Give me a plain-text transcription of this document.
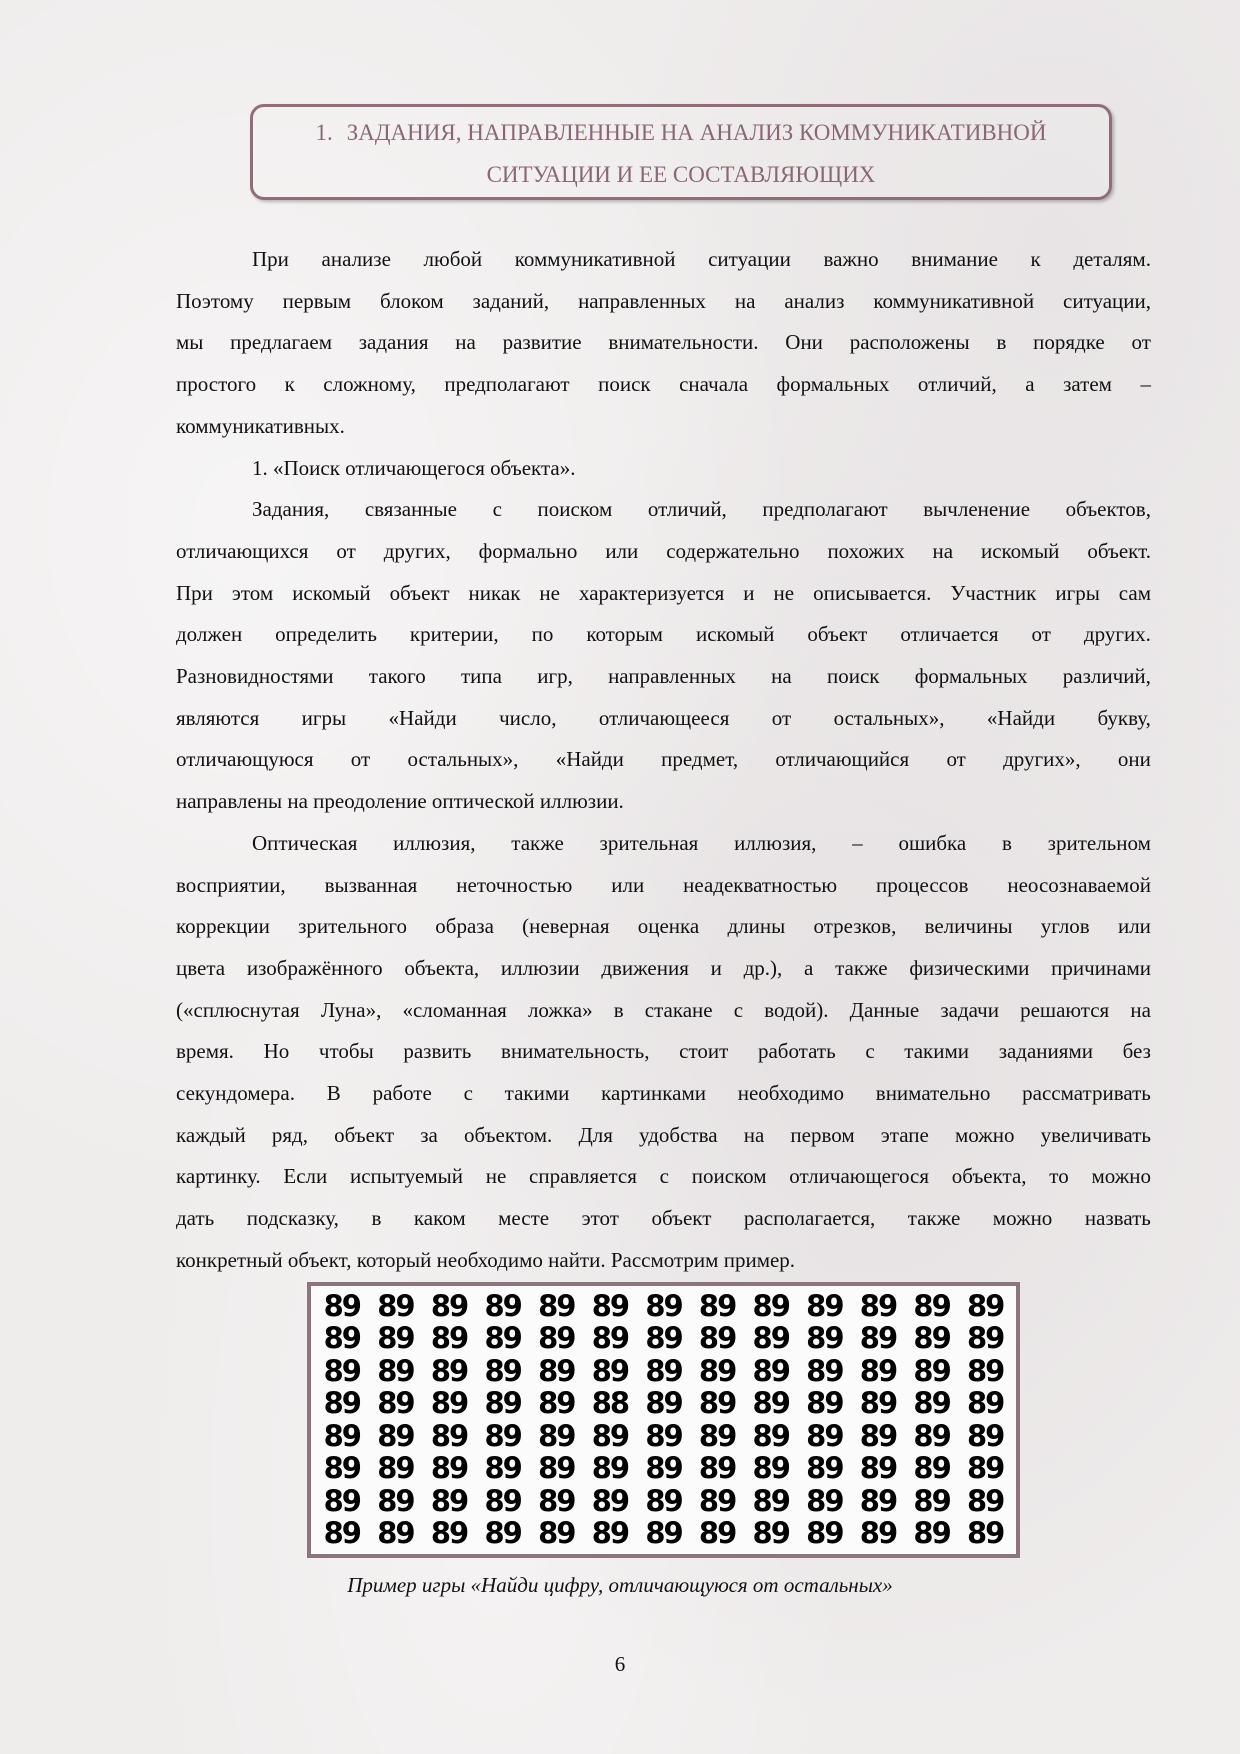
1. ЗАДАНИЯ, НАПРАВЛЕННЫЕ НА АНАЛИЗ КОММУНИКАТИВНОЙ
СИТУАЦИИ И ЕЕ СОСТАВЛЯЮЩИХ
При анализе любой коммуникативной ситуации важно внимание к деталям.
Поэтому первым блоком заданий, направленных на анализ коммуникативной ситуации,
мы предлагаем задания на развитие внимательности. Они расположены в порядке от
простого к сложному, предполагают поиск сначала формальных отличий, а затем –
коммуникативных.
1. «Поиск отличающегося объекта».
Задания, связанные с поиском отличий, предполагают вычленение объектов,
отличающихся от других, формально или содержательно похожих на искомый объект.
При этом искомый объект никак не характеризуется и не описывается. Участник игры сам
должен определить критерии, по которым искомый объект отличается от других.
Разновидностями такого типа игр, направленных на поиск формальных различий,
являются игры «Найди число, отличающееся от остальных», «Найди букву,
отличающуюся от остальных», «Найди предмет, отличающийся от других», они
направлены на преодоление оптической иллюзии.
Оптическая иллюзия, также зрительная иллюзия, – ошибка в зрительном
восприятии, вызванная неточностью или неадекватностью процессов неосознаваемой
коррекции зрительного образа (неверная оценка длины отрезков, величины углов или
цвета изображённого объекта, иллюзии движения и др.), а также физическими причинами
(«сплюснутая Луна», «сломанная ложка» в стакане с водой). Данные задачи решаются на
время. Но чтобы развить внимательность, стоит работать с такими заданиями без
секундомера. В работе с такими картинками необходимо внимательно рассматривать
каждый ряд, объект за объектом. Для удобства на первом этапе можно увеличивать
картинку. Если испытуемый не справляется с поиском отличающегося объекта, то можно
дать подсказку, в каком месте этот объект располагается, также можно назвать
конкретный объект, который необходимо найти. Рассмотрим пример.
89 89 89 89 89 89 89 89 89 89 89 89 89
89 89 89 89 89 89 89 89 89 89 89 89 89
89 89 89 89 89 89 89 89 89 89 89 89 89
89 89 89 89 89 88 89 89 89 89 89 89 89
89 89 89 89 89 89 89 89 89 89 89 89 89
89 89 89 89 89 89 89 89 89 89 89 89 89
89 89 89 89 89 89 89 89 89 89 89 89 89
89 89 89 89 89 89 89 89 89 89 89 89 89
Пример игры «Найди цифру, отличающуюся от остальных»
6
